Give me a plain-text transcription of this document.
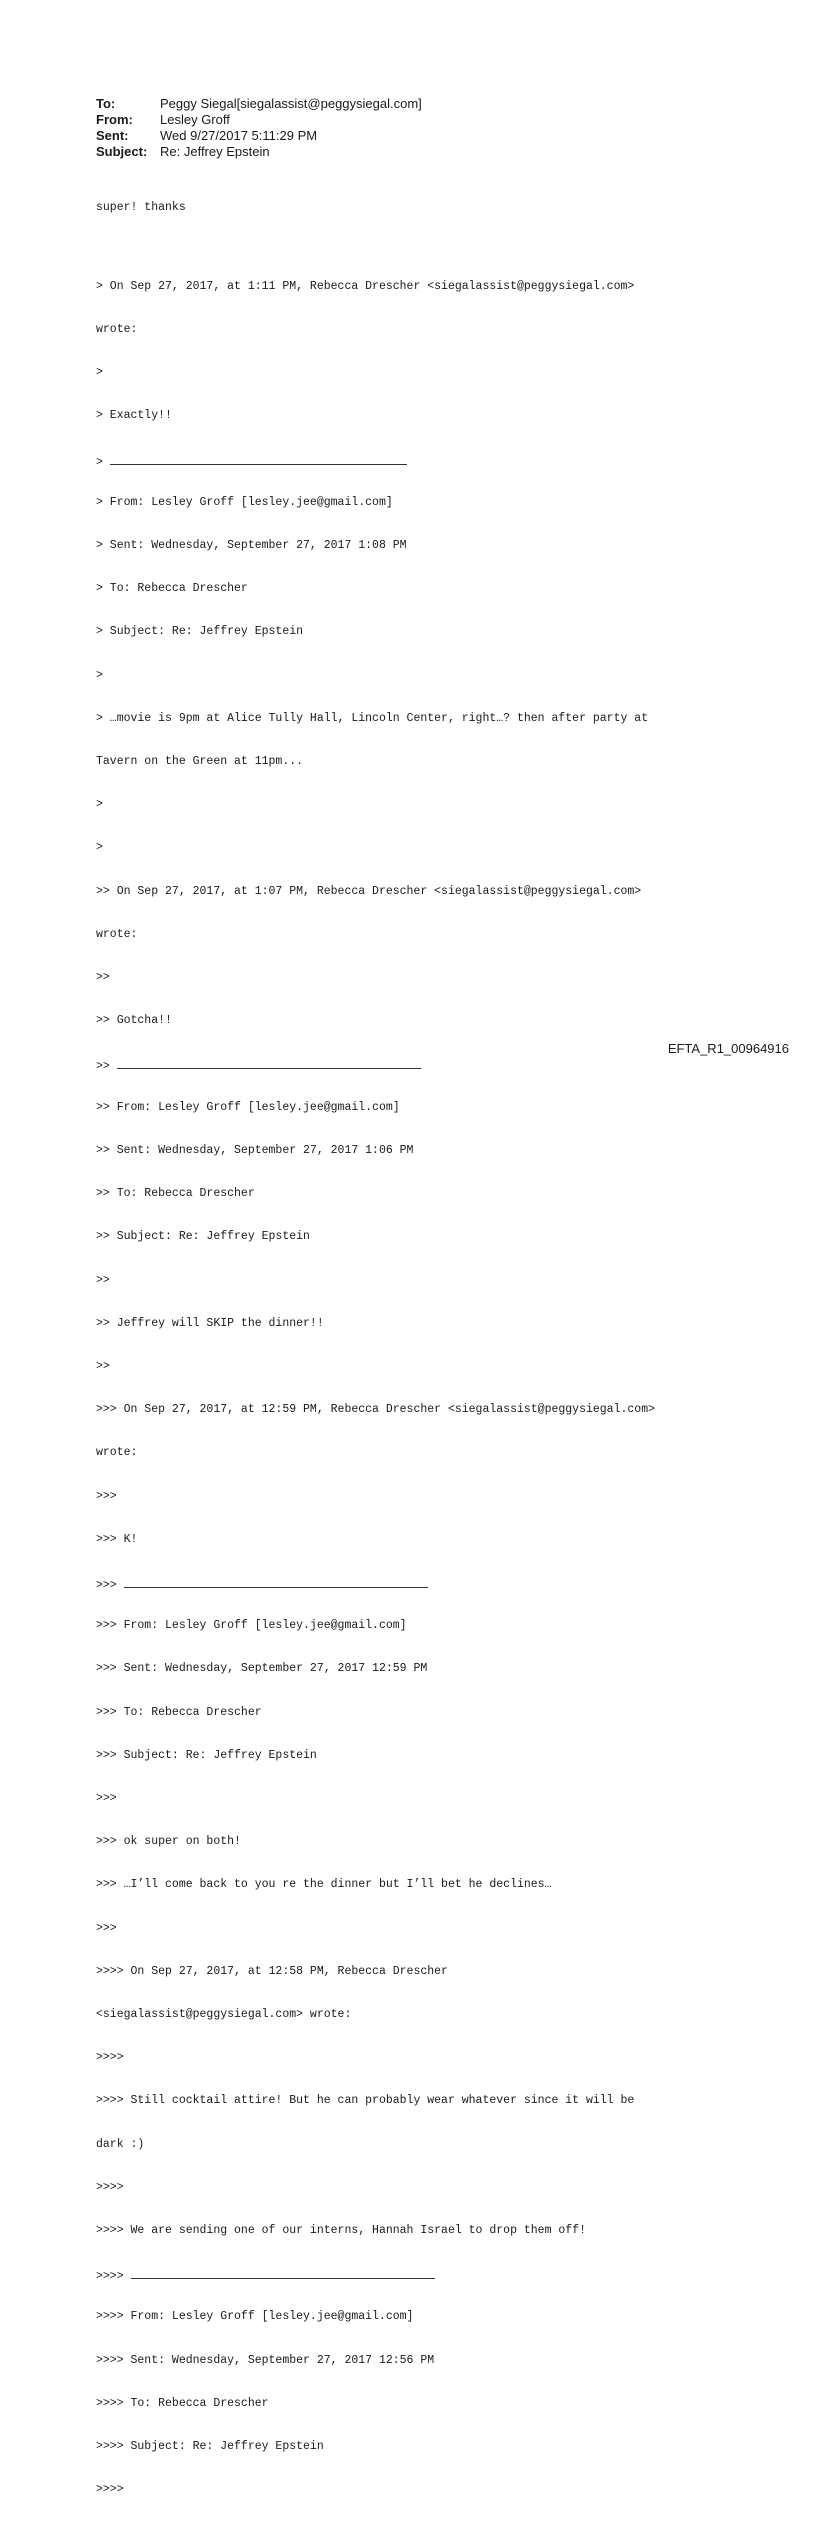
To:	Peggy Siegal[siegalassist@peggysiegal.com]
From:	Lesley Groff
Sent:	Wed 9/27/2017 5:11:29 PM
Subject: Re: Jeffrey Epstein

super! thanks

> On Sep 27, 2017, at 1:11 PM, Rebecca Drescher <siegalassist@peggysiegal.com>

wrote:

>

> Exactly!!

>

> From: Lesley Groff [lesley.jee@gmail.com]

> Sent: Wednesday, September 27, 2017 1:08 PM

> To: Rebecca Drescher

> Subject: Re: Jeffrey Epstein

>

> …movie is 9pm at Alice Tully Hall, Lincoln Center, right…? then after party at

Tavern on the Green at 11pm...

>

>

>> On Sep 27, 2017, at 1:07 PM, Rebecca Drescher <siegalassist@peggysiegal.com>

wrote:

>>

>> Gotcha!!

>>

>> From: Lesley Groff [lesley.jee@gmail.com]

>> Sent: Wednesday, September 27, 2017 1:06 PM

>> To: Rebecca Drescher

>> Subject: Re: Jeffrey Epstein

>>

>> Jeffrey will SKIP the dinner!!

>>

>>> On Sep 27, 2017, at 12:59 PM, Rebecca Drescher <siegalassist@peggysiegal.com>

wrote:

>>>

>>> K!

>>>

>>> From: Lesley Groff [lesley.jee@gmail.com]

>>> Sent: Wednesday, September 27, 2017 12:59 PM

>>> To: Rebecca Drescher

>>> Subject: Re: Jeffrey Epstein

>>>

>>> ok super on both!

>>> …I’ll come back to you re the dinner but I’ll bet he declines…

>>>

>>>> On Sep 27, 2017, at 12:58 PM, Rebecca Drescher

<siegalassist@peggysiegal.com> wrote:

>>>>

>>>> Still cocktail attire! But he can probably wear whatever since it will be

dark :)

>>>>

>>>> We are sending one of our interns, Hannah Israel to drop them off!

>>>>

>>>> From: Lesley Groff [lesley.jee@gmail.com]

>>>> Sent: Wednesday, September 27, 2017 12:56 PM

>>>> To: Rebecca Drescher

>>>> Subject: Re: Jeffrey Epstein

>>>>

EFTA_R1_00964916
